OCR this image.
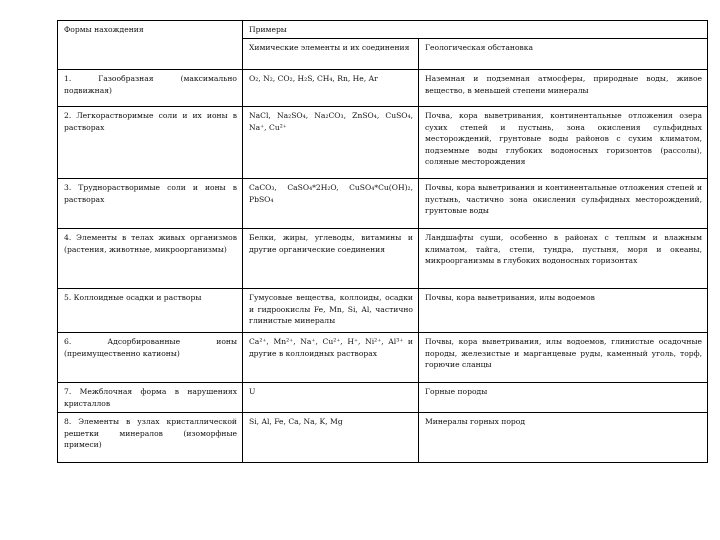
Формы нахождения	Примеры	
	Химические элементы и их соединения	Геологическая обстановка
1. Газообразная (максимально подвижная)	O₂, N₂, CO₂, H₂S, CH₄, Rn, He, Ar	Наземная и подземная атмосферы, природные воды, живое вещество, в меньшей степени минералы
2. Легкорастворимые соли и их ионы в растворах	NaCl, Na₂SO₄, Na₂CO₃, ZnSO₄, CuSO₄, Na⁺, Cu²⁺	Почва, кора выветривания, континентальные отложения озера сухих степей и пустынь, зона окисления сульфидных месторождений, грунтовые воды районов с сухим климатом, подземные воды глубоких водоносных горизонтов (рассолы), соляные месторождения
3. Труднорастворимые соли и ионы в растворах	CaCO₃, CaSO₄*2H₂O, CuSO₄*Cu(OH)₂, PbSO₄	Почвы, кора выветривания и континентальные отложения степей и пустынь, частично зона окисления сульфидных месторождений, грунтовые воды
4. Элементы в телах живых организмов (растения, животные, микроорганизмы)	Белки, жиры, углеводы, витамины и другие органические соединения	Ландшафты суши, особенно в районах с теплым и влажным климатом, тайга, степи, тундра, пустыня, моря и океаны, микроорганизмы в глубоких водоносных горизонтах
5. Коллоидные осадки и растворы	Гумусовые вещества, коллоиды, осадки и гидроокислы Fe, Mn, Si, Al, частично глинистые минералы	Почвы, кора выветривания, илы водоемов
6. Адсорбированные ионы (преимущественно катионы)	Ca²⁺, Mn²⁺, Na⁺, Cu²⁺, H⁺, Ni²⁺, Al³⁺ и другие в коллоидных растворах	Почвы, кора выветривания, илы водоемов, глинистые осадочные породы, железистые и марганцевые руды, каменный уголь, торф, горючие сланцы
7. Межблочная форма в нарушениях кристаллов	U	Горные породы
8. Элементы в узлах кристаллической решетки минералов (изоморфные примеси)	Si, Al, Fe, Ca, Na, K, Mg	Минералы горных пород
